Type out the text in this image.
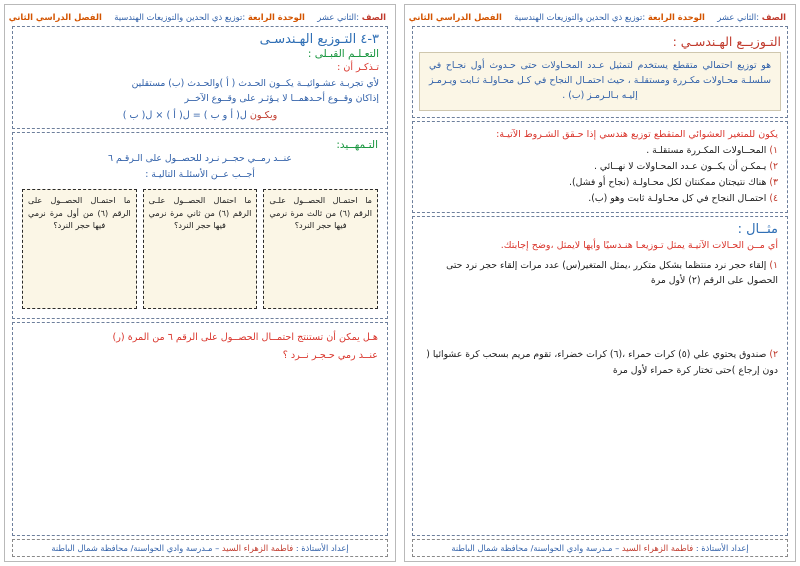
الصف :الثاني عشر  الوحدة الرابعة :توزيع ذي الحدين والتوزيعات الهندسية  الفصل الدراسي الثاني
التـوزيــع الهـندسـي :
هو توزيع احتمالي متقطع يستخدم لتمثيل عـدد المحـاولات حتى حـدوث أول نجـاح في سلسلـة محـاولات مكـررة ومستقلـة ، حيث احتمـال النجاح في كـل محـاولـة ثـابت ويـرمـز إليـه بـالـرمـز (ب) .
يكون للمتغير العشوائي المتقطع توزيع هندسي إذا حـقق الشـروط الآتيـة:

١) المحــاولات المكـررة مستقلـة .

٢) يـمكـن أن يكــون عـدد المحـاولات لا نهــائي .

٣) هناك نتيجتان ممكنتان لكل محـاولـة (نجاح أو فشل).

٤) احتمـال النجاح في كل محـاولـة ثابت وهو (ب).

مثــال :
أي مــن الحـالات الآتيـة يمثل تـوزيعـا هنـدسيًا وأيها لايمثل ،وضح إجابتك.

١) إلقاء حجر نرد منتظما بشكل متكرر ،يمثل المتغير(س) عدد مرات إلقاء حجر نرد حتى الحصول على الرقم (٢) لأول مرة

٢) صندوق يحتوي علي (٥) كرات حمراء ،(٦) كرات خضراء، تقوم مريم بسحب كرة عشوائيا ( دون إرجاع )حتى تختار كرة حمراء لأول مرة

إعداد الأستاذة : فاطمة الزهراء السيد – مـدرسة وادي الحواسنة/ محافظة شمال الباطنة
الصف :الثاني عشر  الوحدة الرابعة :توزيع ذي الحدين والتوزيعات الهندسية  الفصل الدراسي الثاني
٣-٤ التـوزيع الهـندسـى
التعـلـم القبـلى :
تـذكـر أن :
لأي تجربـة عشـوائيــة يكــون الحـدث ( أ )والحـدث (ب) مستقلين
إذاكان وقــوع أحـدهمــا لا يـؤثـر على وقــوع الآخــر
ويكـون ل( أ و ب ) = ل( أ ) × ل( ب )
التـمهــيد:
عنــد رمــي حجــر نـرد للحصــول على الـرقـم ٦
أجــب عــن الأسئلـة التاليـة :

ما احتمـال الحصــول علـى الرقم (٦) من ثالث مرة نرمي فيها حجر النرد؟

ما احتمال الحصــول علـى الرقم (٦) من ثاني مرة نرمي فيها حجر النرد؟

ما احتمـال الحصــول على الرقم (٦) من أول مرة نرمي فيها حجر النرد؟

هـل يمكن أن تستنتج احتمــال الحصــول على الرقم ٦ من المرة (ر)
عنــد رمي حـجـر نــرد ؟
إعداد الأستاذة : فاطمة الزهراء السيد – مـدرسة وادي الحواسنة/ محافظة شمال الباطنة
